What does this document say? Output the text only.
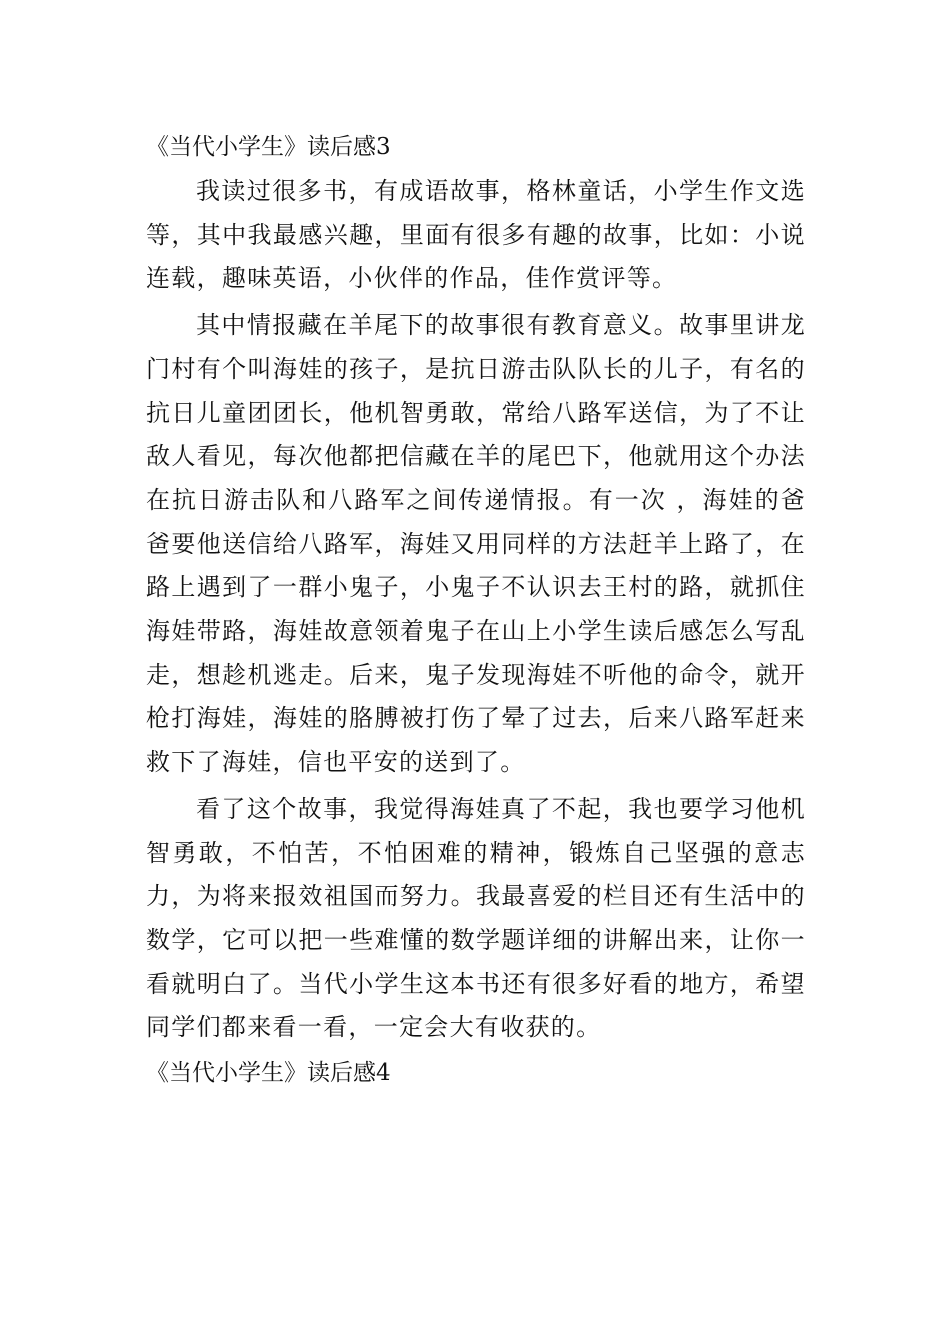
《当代小学生》读后感3

我读过很多书，有成语故事，格林童话，小学生作文选等，其中我最感兴趣，里面有很多有趣的故事，比如：小说连载，趣味英语，小伙伴的作品，佳作赏评等。

其中情报藏在羊尾下的故事很有教育意义。故事里讲龙门村有个叫海娃的孩子，是抗日游击队队长的儿子，有名的抗日儿童团团长，他机智勇敢，常给八路军送信，为了不让敌人看见，每次他都把信藏在羊的尾巴下，他就用这个办法在抗日游击队和八路军之间传递情报。有一次 ，海娃的爸爸要他送信给八路军，海娃又用同样的方法赶羊上路了，在路上遇到了一群小鬼子，小鬼子不认识去王村的路，就抓住海娃带路，海娃故意领着鬼子在山上小学生读后感怎么写乱走，想趁机逃走。后来，鬼子发现海娃不听他的命令，就开枪打海娃，海娃的胳膊被打伤了晕了过去，后来八路军赶来救下了海娃，信也平安的送到了。

看了这个故事，我觉得海娃真了不起，我也要学习他机智勇敢，不怕苦，不怕困难的精神，锻炼自己坚强的意志力，为将来报效祖国而努力。我最喜爱的栏目还有生活中的数学，它可以把一些难懂的数学题详细的讲解出来，让你一看就明白了。当代小学生这本书还有很多好看的地方，希望同学们都来看一看，一定会大有收获的。

《当代小学生》读后感4
